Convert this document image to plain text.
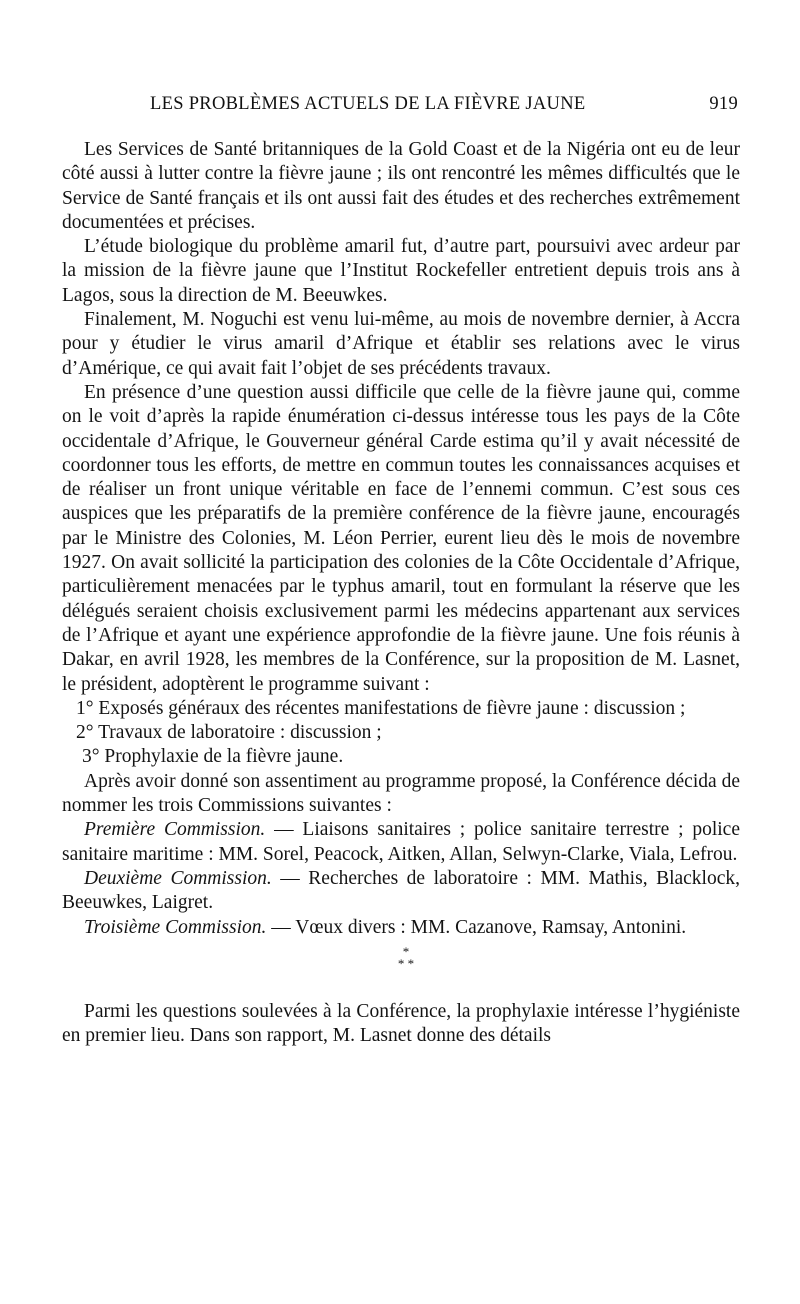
LES PROBLÈMES ACTUELS DE LA FIÈVRE JAUNE	919

Les Services de Santé britanniques de la Gold Coast et de la Nigéria ont eu de leur côté aussi à lutter contre la fièvre jaune ; ils ont rencontré les mêmes difficultés que le Service de Santé français et ils ont aussi fait des études et des recherches extrêmement documentées et précises.

L’étude biologique du problème amaril fut, d’autre part, poursuivi avec ardeur par la mission de la fièvre jaune que l’Institut Rockefeller entretient depuis trois ans à Lagos, sous la direction de M. Beeuwkes.

Finalement, M. Noguchi est venu lui-même, au mois de novembre dernier, à Accra pour y étudier le virus amaril d’Afrique et établir ses relations avec le virus d’Amérique, ce qui avait fait l’objet de ses précédents travaux.

En présence d’une question aussi difficile que celle de la fièvre jaune qui, comme on le voit d’après la rapide énumération ci-dessus intéresse tous les pays de la Côte occidentale d’Afrique, le Gouverneur général Carde estima qu’il y avait nécessité de coordonner tous les efforts, de mettre en commun toutes les connaissances acquises et de réaliser un front unique véritable en face de l’ennemi commun. C’est sous ces auspices que les préparatifs de la première conférence de la fièvre jaune, encouragés par le Ministre des Colonies, M. Léon Perrier, eurent lieu dès le mois de novembre 1927. On avait sollicité la participation des colonies de la Côte Occidentale d’Afrique, particulièrement menacées par le typhus amaril, tout en formulant la réserve que les délégués seraient choisis exclusivement parmi les médecins appartenant aux services de l’Afrique et ayant une expérience approfondie de la fièvre jaune. Une fois réunis à Dakar, en avril 1928, les membres de la Conférence, sur la proposition de M. Lasnet, le président, adoptèrent le programme suivant :

1° Exposés généraux des récentes manifestations de fièvre jaune : discussion ;

2° Travaux de laboratoire : discussion ;

3° Prophylaxie de la fièvre jaune.

Après avoir donné son assentiment au programme proposé, la Conférence décida de nommer les trois Commissions suivantes :

Première Commission. — Liaisons sanitaires ; police sanitaire terrestre ; police sanitaire maritime : MM. Sorel, Peacock, Aitken, Allan, Selwyn-Clarke, Viala, Lefrou.

Deuxième Commission. — Recherches de laboratoire : MM. Mathis, Blacklock, Beeuwkes, Laigret.

Troisième Commission. — Vœux divers : MM. Cazanove, Ramsay, Antonini.

*
* *

Parmi les questions soulevées à la Conférence, la prophylaxie intéresse l’hygiéniste en premier lieu. Dans son rapport, M. Lasnet donne des détails
